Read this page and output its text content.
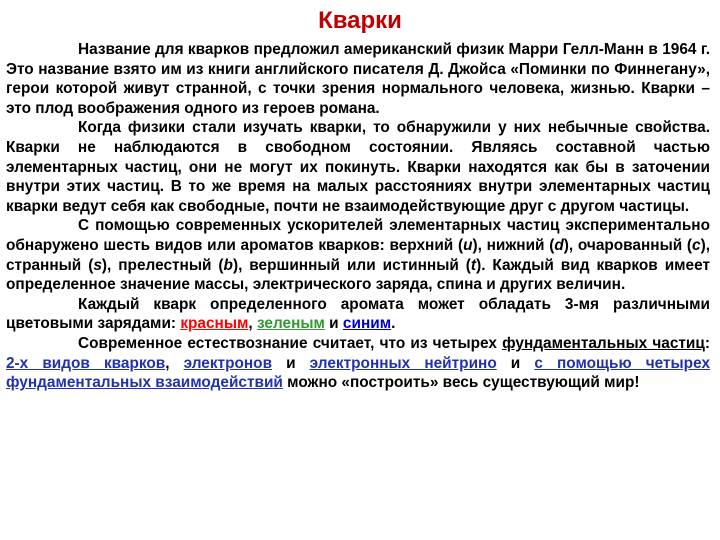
Кварки

Название для кварков предложил американский физик Марри Гелл-Манн в 1964 г. Это название взято им из книги английского писателя Д. Джойса «Поминки по Финнегану», герои которой живут странной, с точки зрения нормального человека, жизнью. Кварки – это плод воображения одного из героев романа.

Когда физики стали изучать кварки, то обнаружили у них небычные свойства. Кварки не наблюдаются в свободном состоянии. Являясь составной частью элементарных частиц, они не могут их покинуть. Кварки находятся как бы в заточении внутри этих частиц. В то же время на малых расстояниях внутри элементарных частиц кварки ведут себя как свободные, почти не взаимодействующие друг с другом частицы.

С помощью современных ускорителей элементарных частиц экспериментально обнаружено шесть видов или ароматов кварков: верхний (u), нижний (d), очарованный (c), странный (s), прелестный (b), вершинный или истинный (t). Каждый вид кварков имеет определенное значение массы, электрического заряда, спина и других величин.

Каждый кварк определенного аромата может обладать 3-мя различными цветовыми зарядами: красным, зеленым и синим.

Современное естествознание считает, что из четырех фундаментальных частиц: 2-х видов кварков, электронов и электронных нейтрино и с помощью четырех фундаментальных взаимодействий можно «построить» весь существующий мир!
